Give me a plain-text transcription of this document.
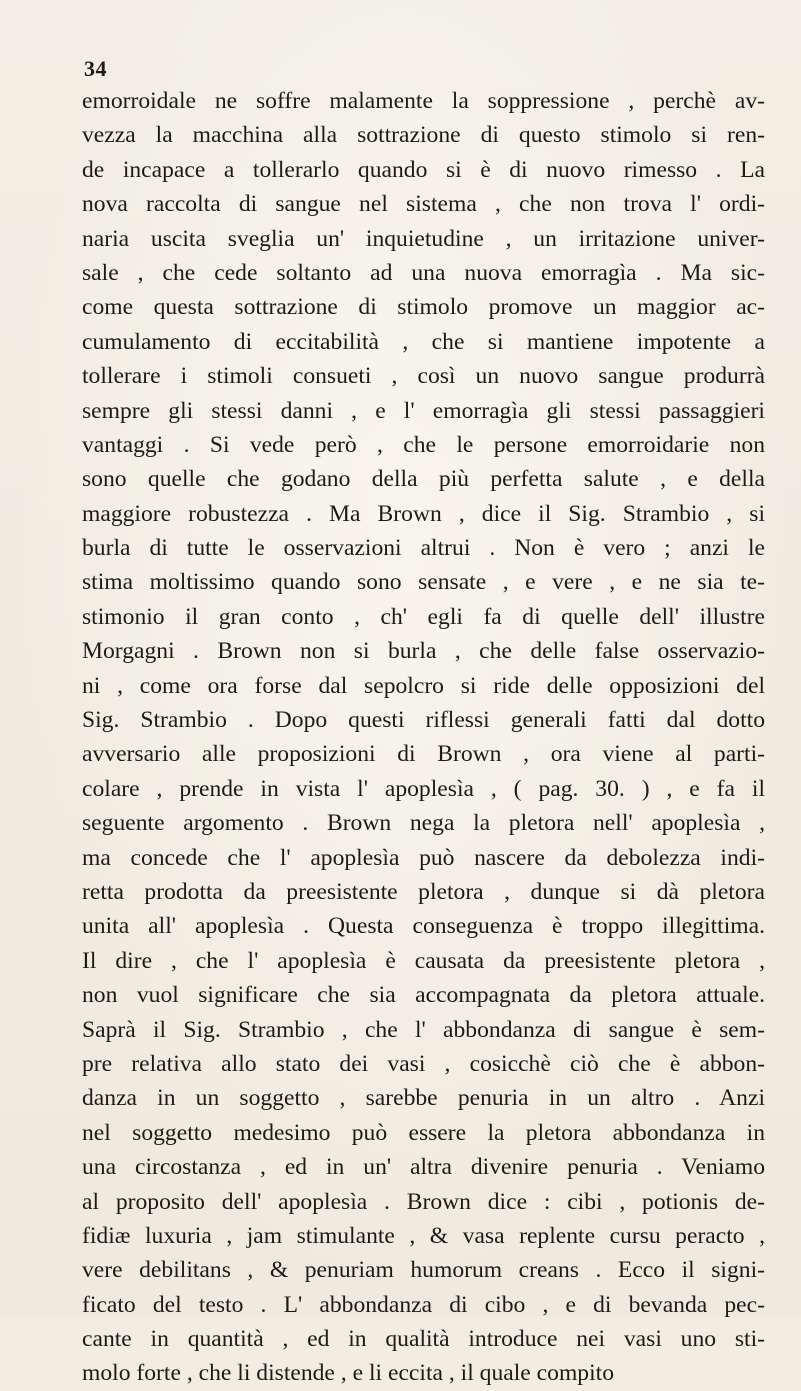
34
emorroidale ne soffre malamente la soppressione , perchè av-
vezza la macchina alla sottrazione di questo stimolo si ren-
de incapace a tollerarlo quando si è di nuovo rimesso . La
nova raccolta di sangue nel sistema , che non trova l' ordi-
naria uscita sveglia un' inquietudine , un irritazione univer-
sale , che cede soltanto ad una nuova emorragìa . Ma sic-
come questa sottrazione di stimolo promove un maggior ac-
cumulamento di eccitabilità , che si mantiene impotente a
tollerare i stimoli consueti , così un nuovo sangue produrrà
sempre gli stessi danni , e l' emorragìa gli stessi passaggieri
vantaggi . Si vede però , che le persone emorroidarie non
sono quelle che godano della più perfetta salute , e della
maggiore robustezza . Ma Brown , dice il Sig. Strambio , si
burla di tutte le osservazioni altrui . Non è vero ; anzi le
stima moltissimo quando sono sensate , e vere , e ne sia te-
stimonio il gran conto , ch' egli fa di quelle dell' illustre
Morgagni . Brown non si burla , che delle false osservazio-
ni , come ora forse dal sepolcro si ride delle opposizioni del
Sig. Strambio . Dopo questi riflessi generali fatti dal dotto
avversario alle proposizioni di Brown , ora viene al parti-
colare , prende in vista l' apoplesìa , ( pag. 30. ) , e fa il
seguente argomento . Brown nega la pletora nell' apoplesìa ,
ma concede che l' apoplesìa può nascere da debolezza indi-
retta prodotta da preesistente pletora , dunque si dà pletora
unita all' apoplesìa . Questa conseguenza è troppo illegittima.
Il dire , che l' apoplesìa è causata da preesistente pletora ,
non vuol significare che sia accompagnata da pletora attuale.
Saprà il Sig. Strambio , che l' abbondanza di sangue è sem-
pre relativa allo stato dei vasi , cosicchè ciò che è abbon-
danza in un soggetto , sarebbe penuria in un altro . Anzi
nel soggetto medesimo può essere la pletora abbondanza in
una circostanza , ed in un' altra divenire penuria . Veniamo
al proposito dell' apoplesìa . Brown dice : cibi , potionis de-
fidiæ luxuria , jam stimulante , & vasa replente cursu peracto ,
vere debilitans , & penuriam humorum creans . Ecco il signi-
ficato del testo . L' abbondanza di cibo , e di bevanda pec-
cante in quantità , ed in qualità introduce nei vasi uno sti-
molo forte , che li distende , e li eccita , il quale compito
